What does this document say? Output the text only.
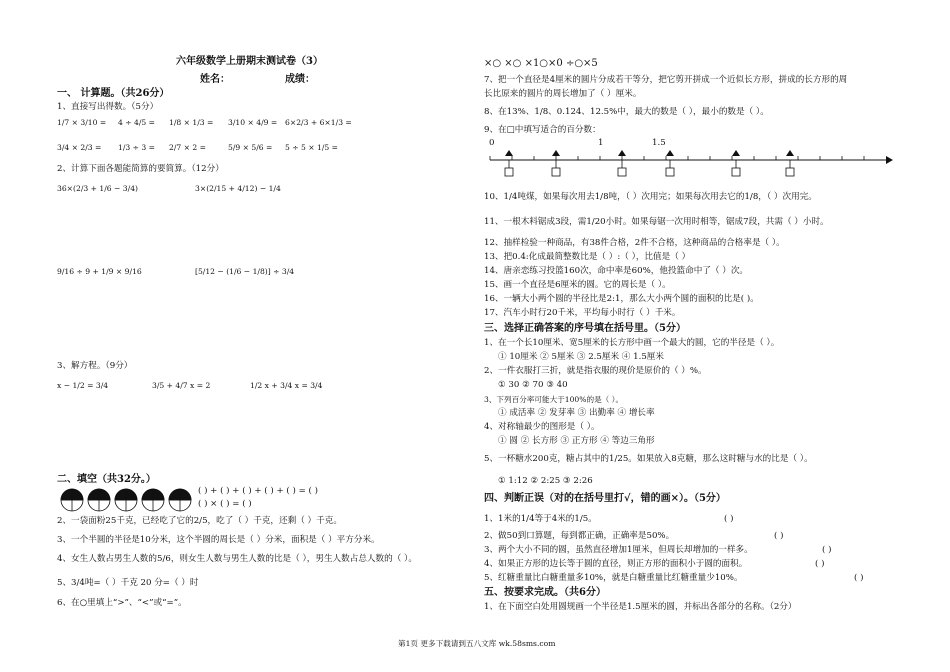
六年级数学上册期末测试卷（3）
姓名：	成绩：
一、 计算题。（共26分）
1、直接写出得数。（5分）
1/7 × 3/10 = 4 ÷ 4/5 = 1/8 × 1/3 = 3/10 × 4/9 = 6×2/3 + 6×1/3 =
3/4 × 2/3 = 1/3 ÷ 3 = 2/7 × 2 =	5/9 × 5/6 = 5 ÷ 5 × 1/5 =
2、计算下面各题能简算的要简算。（12分）
36×(2/3 + 1/6 − 3/4)	3×(2/15 + 4/12) − 1/4
9/16 ÷ 9 + 1/9 × 9/16	[5/12 − (1/6 − 1/8)] ÷ 3/4
3、解方程。（9分）
x − 1/2 = 3/4	3/5 + 4/7 x = 2	1/2 x + 3/4 x = 3/4
二、填空（共32分。）
( ) + ( ) + ( ) + ( ) + ( ) = ( )
( ) × ( ) = ( )
2、一袋面粉25千克，已经吃了它的2/5，吃了（ ）千克，还剩（ ）千克。
3、一个半圆的半径是10分米，这个半圆的周长是（ ）分米，面积是（ ）平方分米。
4、女生人数占男生人数的5/6，则女生人数与男生人数的比是（ ），男生人数占总人数的（ ）。
5、3/4吨=（ ）千克 20 分=（ ）时
6、在○里填上“>”、“<”或“=”。
×○ ×○ ×1○×0 ÷○×5
7、把一个直径是4厘米的圆片分成若干等分，把它剪开拼成一个近似长方形，拼成的长方形的周
长比原来的圆片的周长增加了（ ）厘米。
8、在13%、1/8、0.124、12.5%中，最大的数是（ ），最小的数是（ ）。
9、在□中填写适合的百分数：
0	1	1.5
10、1/4吨煤，如果每次用去1/8吨，（ ）次用完；如果每次用去它的1/8，（ ）次用完。
11、一根木料锯成3段，需1/20小时。如果每锯一次用时相等，锯成7段，共需（ ）小时。
12、抽样检验一种商品，有38件合格，2件不合格，这种商品的合格率是（ ）。
13、把0.4:化成最简整数比是（ ）:（ ），比值是（ ）
14、唐亲恋练习投篮160次，命中率是60%，他投篮命中了（ ）次。
15、画一个直径是6厘米的圆。它的周长是（ ）。
16、一辆大小两个圆的半径比是2:1，那么大小两个圆的面积的比是( )。
17、汽车小时行20千米，平均每小时行（ ）千米。
三、选择正确答案的序号填在括号里。（5分）
1、在一个长10厘米、宽5厘米的长方形中画一个最大的圆，它的半径是（ ）。
① 10厘米 ② 5厘米 ③ 2.5厘米 ④ 1.5厘米
2、一件衣服打三折，就是指衣服的现价是原价的（ ）%。
① 30 ② 70 ③ 40
3、下列百分率可能大于100%的是（ ）。
① 成活率 ② 发芽率 ③ 出勤率 ④ 增长率
4、对称轴最少的图形是（ ）。
① 圆 ② 长方形 ③ 正方形 ④ 等边三角形
5、一杯糖水200克，糖占其中的1/25。如果放入8克糖，那么这时糖与水的比是（ ）。
① 1:12 ② 2:25 ③ 2:26
四、判断正误（对的在括号里打√，错的画×）。（5分）
1、1米的1/4等于4米的1/5。	( )
2、做50到口算题，每到都正确，正确率是50%。	( )
3、两个大小不同的圆，虽然直径增加1厘米，但周长却增加的一样多。	( )
4、如果正方形的边长等于圆的直径，则正方形的面积小于圆的面积。	( )
5、红糖重量比白糖重量多10%，就是白糖重量比红糖重量少10%。	( )
五、按要求完成。（共6分）
1、在下面空白处用圆规画一个半径是1.5厘米的圆，并标出各部分的名称。（2分）
第1页 更多下载请到五八文库 wk.58sms.com
